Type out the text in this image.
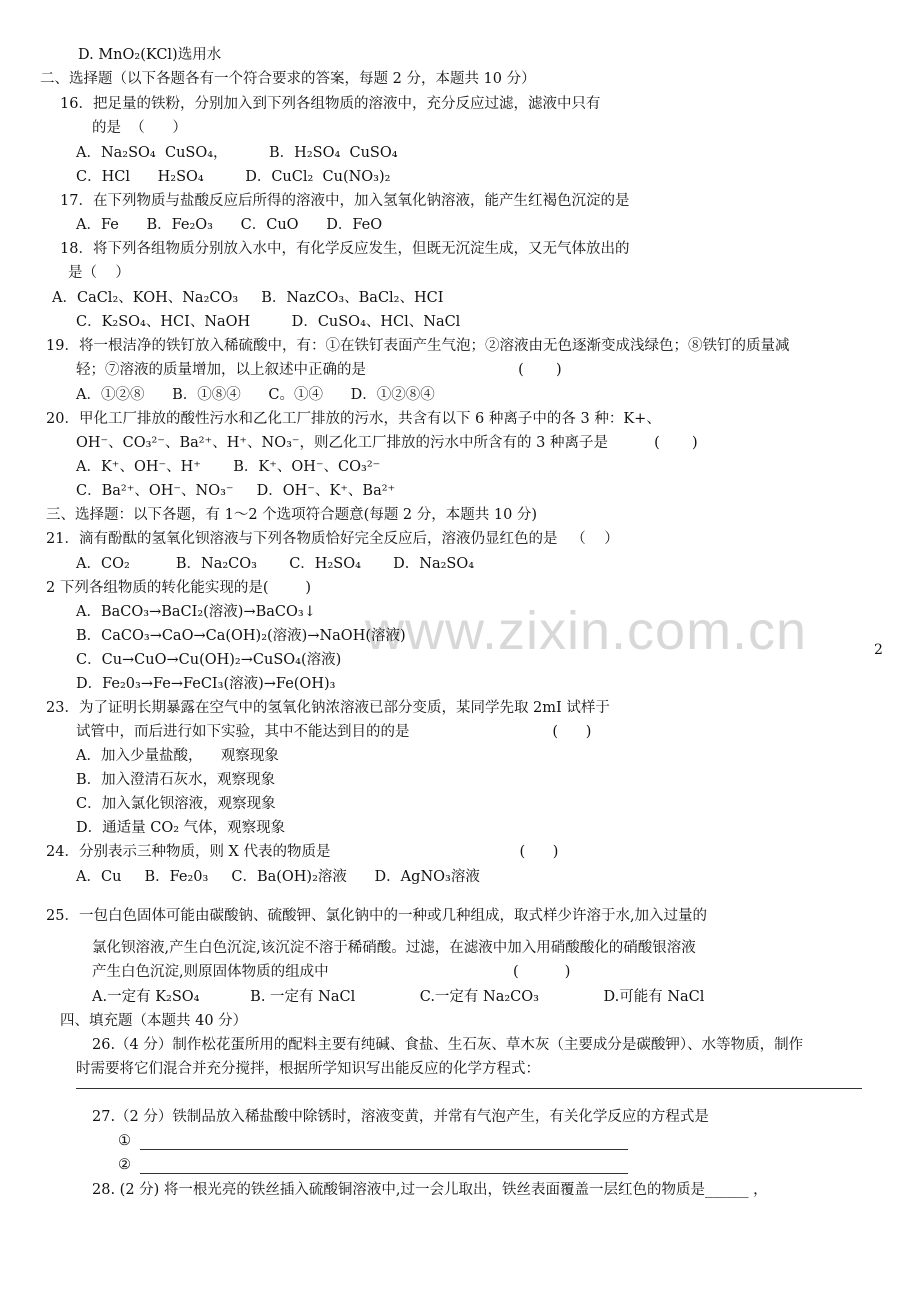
www.zixin.com.cn	2
D. MnO₂(KCl)选用水
二、选择题（以下各题各有一个符合要求的答案，每题 2 分，本题共 10 分）
16．把足量的铁粉，分别加入到下列各组物质的溶液中，充分反应过滤，滤液中只有
的是  （      ）
A．Na₂SO₄  CuSO₄，         B．H₂SO₄  CuSO₄
C．HCl      H₂SO₄         D．CuCl₂  Cu(NO₃)₂
17．在下列物质与盐酸反应后所得的溶液中，加入氢氧化钠溶液，能产生红褐色沉淀的是
A．Fe      B．Fe₂O₃      C．CuO      D．FeO
18．将下列各组物质分别放入水中，有化学反应发生，但既无沉淀生成，又无气体放出的
是（    ）
A．CaCl₂、KOH、Na₂CO₃     B．NazCO₃、BaCl₂、HCI
C．K₂SO₄、HCI、NaOH         D．CuSO₄、HCl、NaCl
19．将一根洁净的铁钉放入稀硫酸中，有：①在铁钉表面产生气泡；②溶液由无色逐渐变成浅绿色；⑧铁钉的质量减
轻；⑦溶液的质量增加，以上叙述中正确的是                                 (       )
A．①②⑧      B．①⑧④      C。①④      D．①②⑧④
20．甲化工厂排放的酸性污水和乙化工厂排放的污水，共含有以下 6 种离子中的各 3 种：K+、
OH⁻、CO₃²⁻、Ba²⁺、H⁺、NO₃⁻，则乙化工厂排放的污水中所含有的 3 种离子是          (       )
A．K⁺、OH⁻、H⁺       B．K⁺、OH⁻、CO₃²⁻
C．Ba²⁺、OH⁻、NO₃⁻     D．OH⁻、K⁺、Ba²⁺
三、选择题：以下各题，有 1～2 个选项符合题意(每题 2 分，本题共 10 分)
21．滴有酚酞的氢氧化钡溶液与下列各物质恰好完全反应后，溶液仍显红色的是   （    ）
A．CO₂          B．Na₂CO₃       C．H₂SO₄       D．Na₂SO₄
2 下列各组物质的转化能实现的是(        )
A．BaCO₃→BaCI₂(溶液)→BaCO₃↓
B．CaCO₃→CaO→Ca(OH)₂(溶液)→NaOH(溶液)
C．Cu→CuO→Cu(OH)₂→CuSO₄(溶液)
D．Fe₂0₃→Fe→FeCI₃(溶液)→Fe(OH)₃
23．为了证明长期暴露在空气中的氢氧化钠浓溶液已部分变质，某同学先取 2mI 试样于
试管中，而后进行如下实验，其中不能达到目的的是                               (      )
A．加入少量盐酸，    观察现象
B．加入澄清石灰水，观察现象
C．加入氯化钡溶液，观察现象
D．通适量 CO₂ 气体，观察现象
24．分别表示三种物质，则 X 代表的物质是                                         (      )
A．Cu     B．Fe₂0₃     C．Ba(OH)₂溶液      D．AgNO₃溶液
25．一包白色固体可能由碳酸钠、硫酸钾、氯化钠中的一种或几种组成，取式样少许溶于水,加入过量的
氯化钡溶液,产生白色沉淀,该沉淀不溶于稀硝酸。过滤，在滤液中加入用硝酸酸化的硝酸银溶液
产生白色沉淀,则原固体物质的组成中                                        (          )
A.一定有 K₂SO₄           B. 一定有 NaCl              C.一定有 Na₂CO₃              D.可能有 NaCl
四、填充题（本题共 40 分）
26.（4 分）制作松花蛋所用的配料主要有纯碱、食盐、生石灰、草木灰（主要成分是碳酸钾）、水等物质，制作
时需要将它们混合并充分搅拌，根据所学知识写出能反应的化学方程式：
27.（2 分）铁制品放入稀盐酸中除锈时，溶液变黄，并常有气泡产生，有关化学反应的方程式是
①
②
28. (2 分) 将一根光亮的铁丝插入硫酸铜溶液中,过一会儿取出，铁丝表面覆盖一层红色的物质是______ ，
